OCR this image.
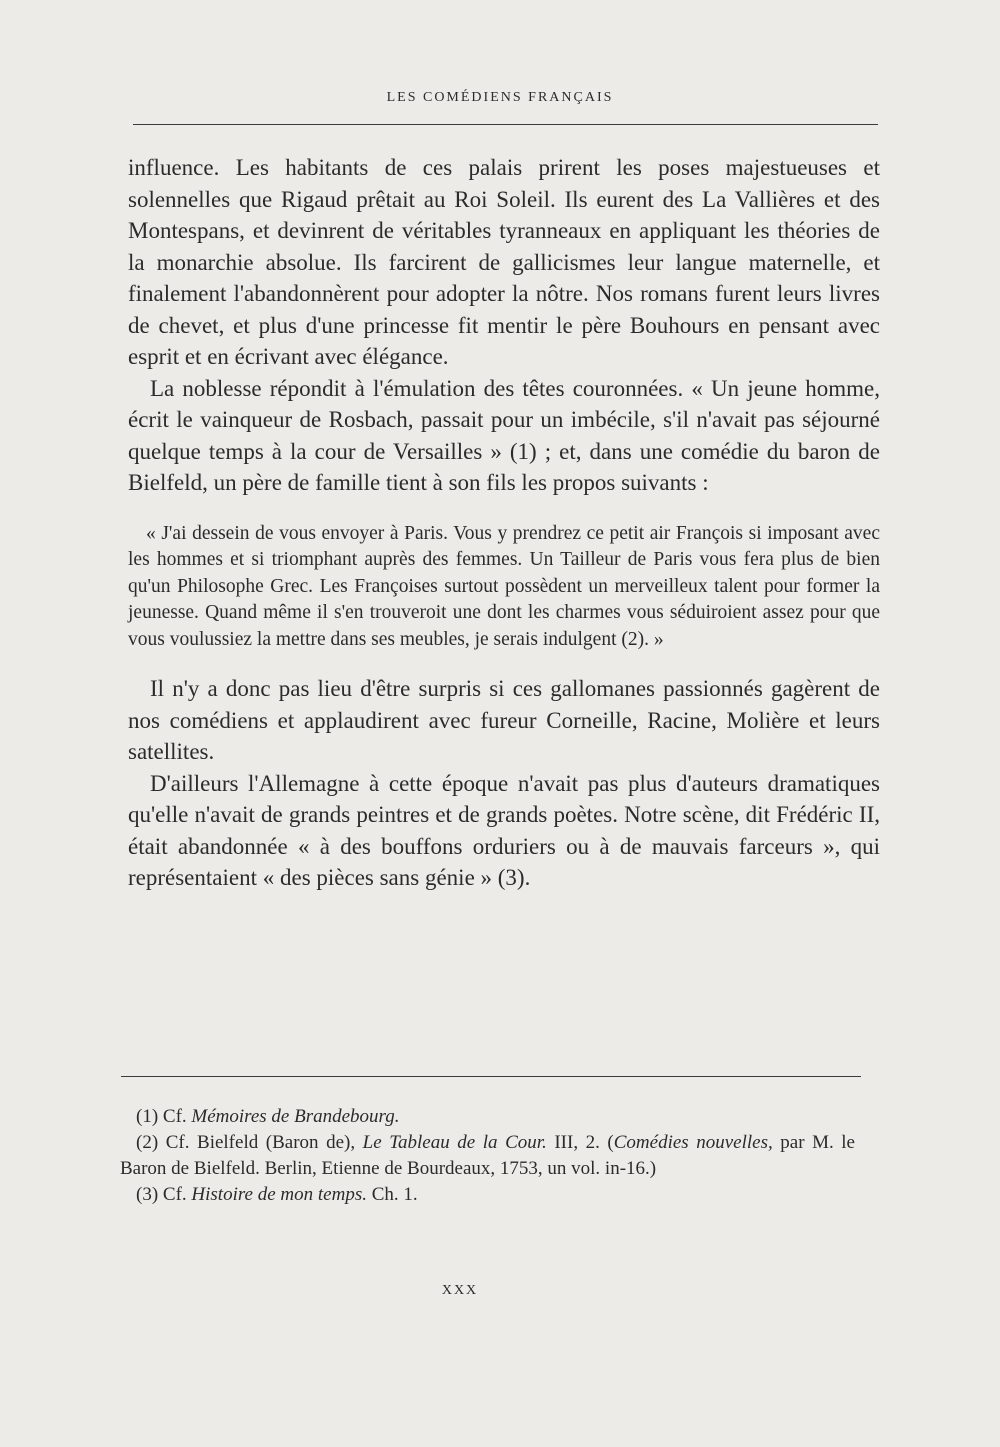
LES COMÉDIENS FRANÇAIS

influence. Les habitants de ces palais prirent les poses majestueuses et solennelles que Rigaud prêtait au Roi Soleil. Ils eurent des La Vallières et des Montespans, et devinrent de véritables tyranneaux en appliquant les théories de la monarchie absolue. Ils farcirent de gallicismes leur langue maternelle, et finalement l'abandonnèrent pour adopter la nôtre. Nos romans furent leurs livres de chevet, et plus d'une princesse fit mentir le père Bouhours en pensant avec esprit et en écrivant avec élégance.

La noblesse répondit à l'émulation des têtes couronnées. « Un jeune homme, écrit le vainqueur de Rosbach, passait pour un imbécile, s'il n'avait pas séjourné quelque temps à la cour de Versailles » (1) ; et, dans une comédie du baron de Bielfeld, un père de famille tient à son fils les propos suivants :

« J'ai dessein de vous envoyer à Paris. Vous y prendrez ce petit air François si imposant avec les hommes et si triomphant auprès des femmes. Un Tailleur de Paris vous fera plus de bien qu'un Philosophe Grec. Les Françoises surtout possèdent un merveilleux talent pour former la jeunesse. Quand même il s'en trouveroit une dont les charmes vous séduiroient assez pour que vous voulussiez la mettre dans ses meubles, je serais indulgent (2). »

Il n'y a donc pas lieu d'être surpris si ces gallomanes passionnés gagèrent de nos comédiens et applaudirent avec fureur Corneille, Racine, Molière et leurs satellites.

D'ailleurs l'Allemagne à cette époque n'avait pas plus d'auteurs dramatiques qu'elle n'avait de grands peintres et de grands poètes. Notre scène, dit Frédéric II, était abandonnée « à des bouffons orduriers ou à de mauvais farceurs », qui représentaient « des pièces sans génie » (3).

(1) Cf. Mémoires de Brandebourg.

(2) Cf. Bielfeld (Baron de), Le Tableau de la Cour. III, 2. (Comédies nouvelles, par M. le Baron de Bielfeld. Berlin, Etienne de Bourdeaux, 1753, un vol. in-16.)

(3) Cf. Histoire de mon temps. Ch. 1.

XXX
